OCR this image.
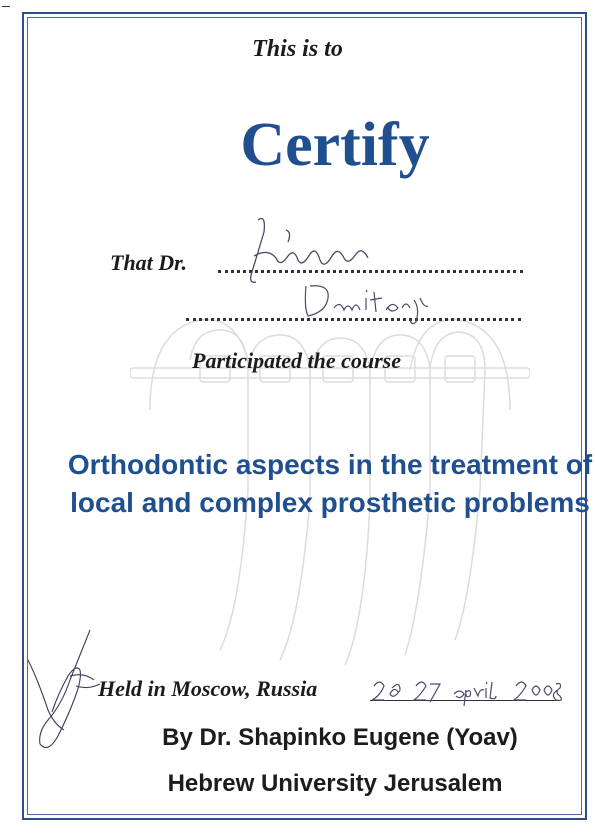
This is to
Certify
That Dr.
Participated the course
Orthodontic aspects in the treatment of local and complex prosthetic problems
Held in Moscow, Russia
By Dr. Shapinko Eugene (Yoav)
Hebrew University Jerusalem
